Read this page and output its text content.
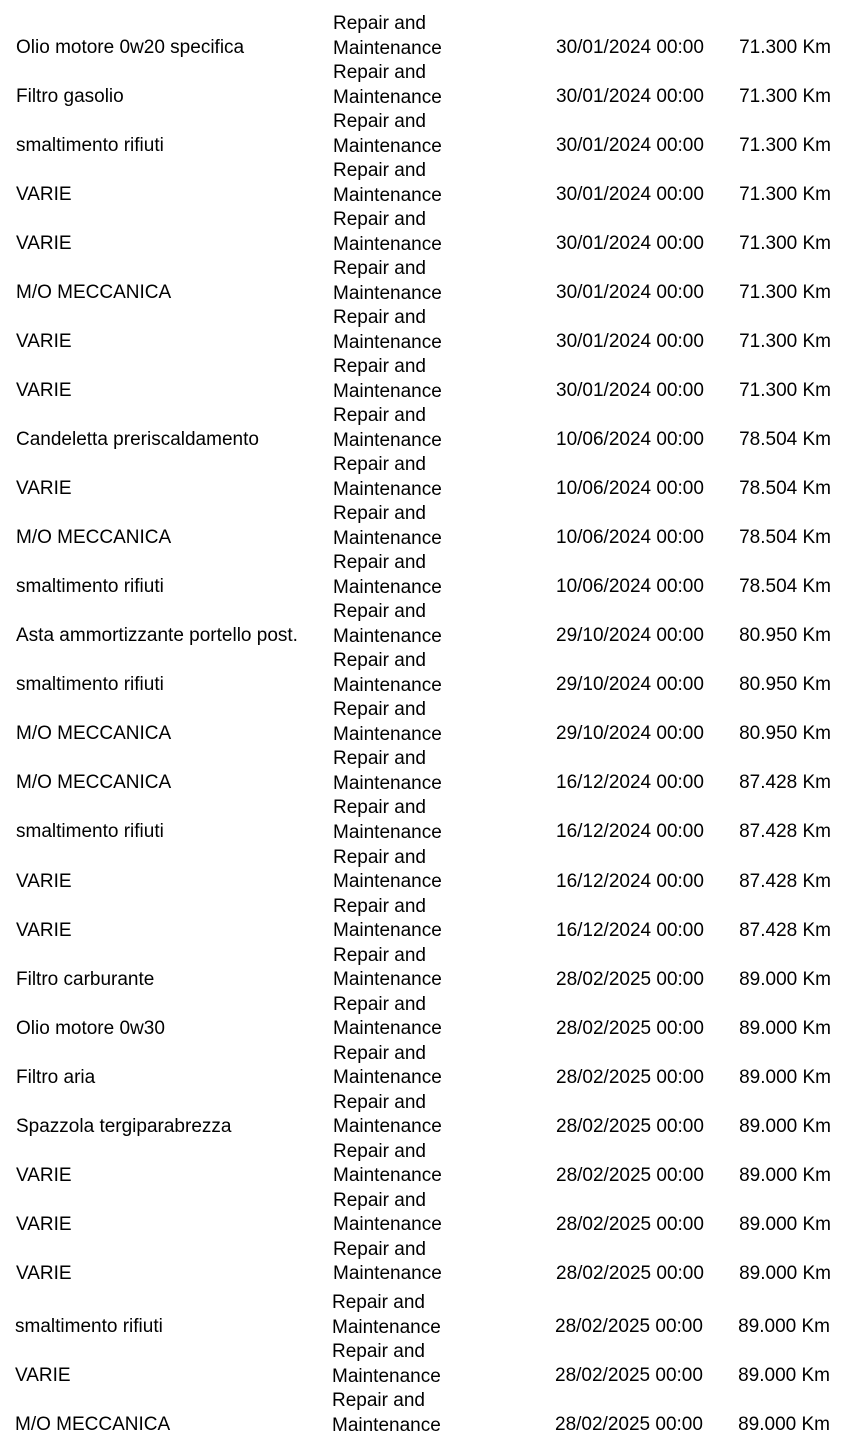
Olio motore 0w20 specifica
Repair and
Maintenance	30/01/2024 00:00 71.300 Km
Filtro gasolio
Repair and
Maintenance	30/01/2024 00:00 71.300 Km
smaltimento rifiuti
Repair and
Maintenance	30/01/2024 00:00 71.300 Km
VARIE
Repair and
Maintenance	30/01/2024 00:00 71.300 Km
VARIE
Repair and
Maintenance	30/01/2024 00:00 71.300 Km
M/O MECCANICA
Repair and
Maintenance	30/01/2024 00:00 71.300 Km
VARIE
Repair and
Maintenance	30/01/2024 00:00 71.300 Km
VARIE
Repair and
Maintenance	30/01/2024 00:00 71.300 Km
Candeletta preriscaldamento
Repair and
Maintenance	10/06/2024 00:00 78.504 Km
VARIE
Repair and
Maintenance	10/06/2024 00:00 78.504 Km
M/O MECCANICA
Repair and
Maintenance	10/06/2024 00:00 78.504 Km
smaltimento rifiuti
Repair and
Maintenance	10/06/2024 00:00 78.504 Km
Asta ammortizzante portello post.
Repair and
Maintenance	29/10/2024 00:00 80.950 Km
smaltimento rifiuti
Repair and
Maintenance	29/10/2024 00:00 80.950 Km
M/O MECCANICA
Repair and
Maintenance	29/10/2024 00:00 80.950 Km
M/O MECCANICA
Repair and
Maintenance	16/12/2024 00:00 87.428 Km
smaltimento rifiuti
Repair and
Maintenance	16/12/2024 00:00 87.428 Km
VARIE
Repair and
Maintenance	16/12/2024 00:00 87.428 Km
VARIE
Repair and
Maintenance	16/12/2024 00:00 87.428 Km
Filtro carburante
Repair and
Maintenance	28/02/2025 00:00 89.000 Km
Olio motore 0w30
Repair and
Maintenance	28/02/2025 00:00 89.000 Km
Filtro aria
Repair and
Maintenance	28/02/2025 00:00 89.000 Km
Spazzola tergiparabrezza
Repair and
Maintenance	28/02/2025 00:00 89.000 Km
VARIE
Repair and
Maintenance	28/02/2025 00:00 89.000 Km
VARIE
Repair and
Maintenance	28/02/2025 00:00 89.000 Km
VARIE
Repair and
Maintenance	28/02/2025 00:00 89.000 Km
smaltimento rifiuti
Repair and
Maintenance	28/02/2025 00:00 89.000 Km
VARIE
Repair and
Maintenance	28/02/2025 00:00 89.000 Km
M/O MECCANICA
Repair and
Maintenance	28/02/2025 00:00 89.000 Km
